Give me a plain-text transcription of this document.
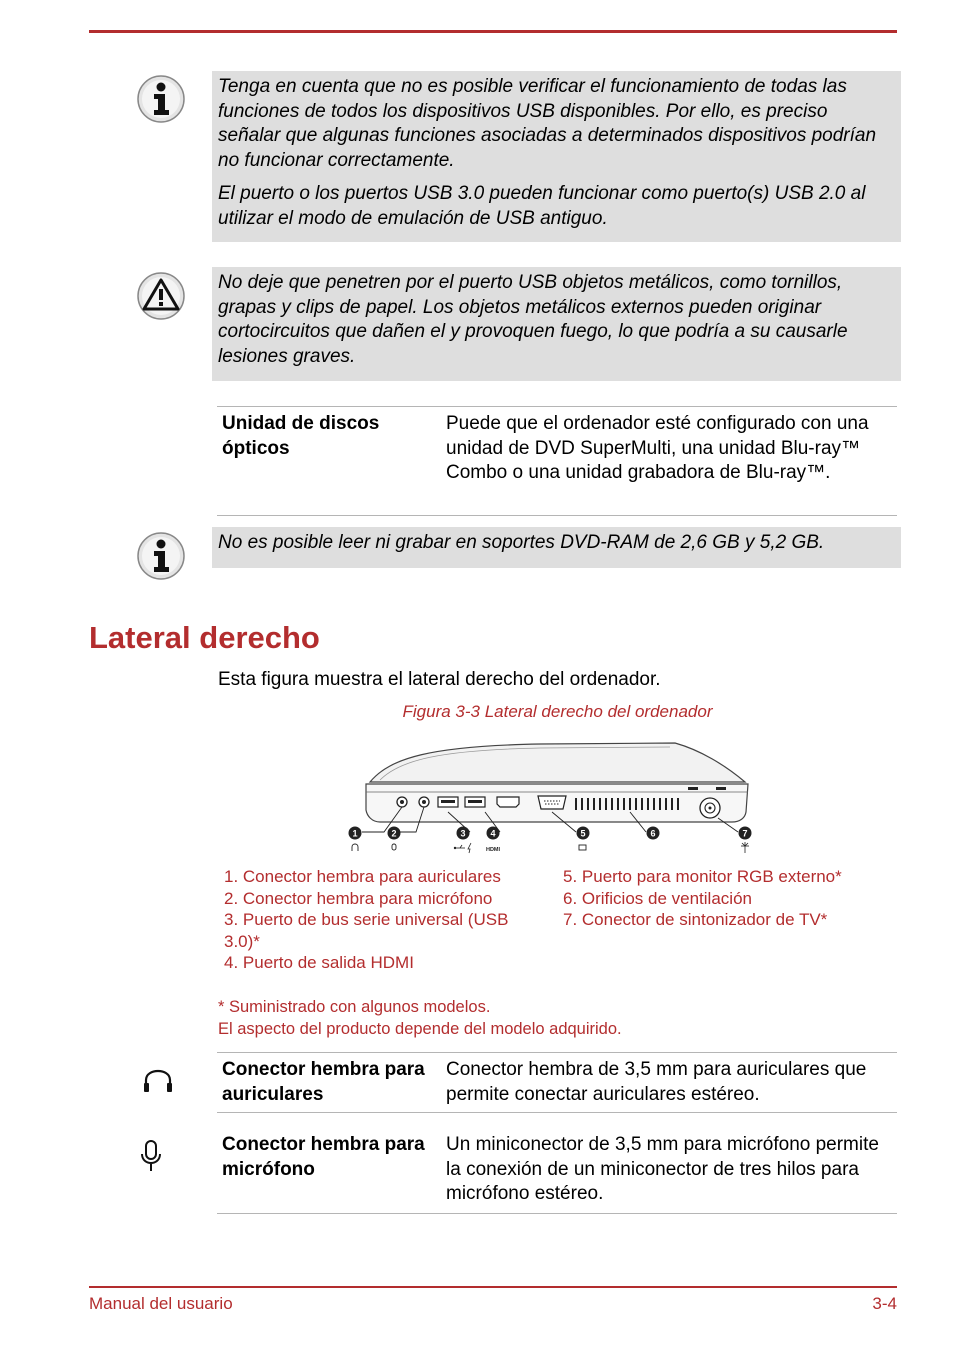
Tenga en cuenta que no es posible verificar el funcionamiento de todas las funciones de todos los dispositivos USB disponibles. Por ello, es preciso señalar que algunas funciones asociadas a determinados dispositivos podrían no funcionar correctamente.

El puerto o los puertos USB 3.0 pueden funcionar como puerto(s) USB 2.0 al utilizar el modo de emulación de USB antiguo.

No deje que penetren por el puerto USB objetos metálicos, como tornillos, grapas y clips de papel. Los objetos metálicos externos pueden originar cortocircuitos que dañen el y provoquen fuego, lo que podría a su causarle lesiones graves.

Unidad de discos ópticos	Puede que el ordenador esté configurado con una unidad de DVD SuperMulti, una unidad Blu-ray™ Combo o una unidad grabadora de Blu-ray™.

No es posible leer ni grabar en soportes DVD-RAM de 2,6 GB y 5,2 GB.

Lateral derecho
Esta figura muestra el lateral derecho del ordenador.
Figura 3-3 Lateral derecho del ordenador
1	2	3	4	5	6	7
HDMI
1. Conector hembra para auriculares
2. Conector hembra para micrófono
3. Puerto de bus serie universal (USB 3.0)*
4. Puerto de salida HDMI
5. Puerto para monitor RGB externo*
6. Orificios de ventilación
7. Conector de sintonizador de TV*
* Suministrado con algunos modelos.
El aspecto del producto depende del modelo adquirido.
Conector hembra para auriculares	Conector hembra de 3,5 mm para auriculares que permite conectar auriculares estéreo.
Conector hembra para micrófono	Un miniconector de 3,5 mm para micrófono permite la conexión de un miniconector de tres hilos para micrófono estéreo.
Manual del usuario	3-4
